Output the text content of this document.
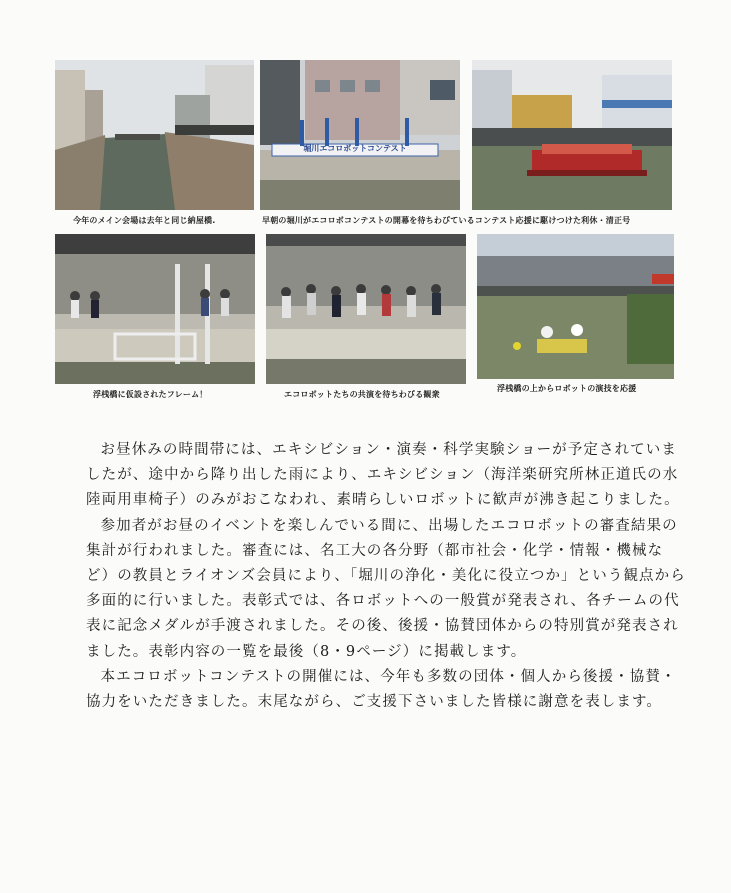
今年のメイン会場は去年と同じ納屋橋.
堀川エコロボットコンテスト
早朝の堀川がエコロボコンテストの開幕を待ちわびているコンテスト応援に駆けつけた利休・清正号
浮桟橋に仮設されたフレーム！	エコロボットたちの共演を待ちわびる観衆
浮桟橋の上からロボットの演技を応援

お昼休みの時間帯には、エキシビション・演奏・科学実験ショーが予定されていましたが、途中から降り出した雨により、エキシビション（海洋楽研究所林正道氏の水陸両用車椅子）のみがおこなわれ、素晴らしいロボットに歓声が沸き起こりました。

参加者がお昼のイベントを楽しんでいる間に、出場したエコロボットの審査結果の集計が行われました。審査には、名工大の各分野（都市社会・化学・情報・機械など）の教員とライオンズ会員により、「堀川の浄化・美化に役立つか」という観点から多面的に行いました。表彰式では、各ロボットへの一般賞が発表され、各チームの代表に記念メダルが手渡されました。その後、後援・協賛団体からの特別賞が発表されました。表彰内容の一覧を最後（8・9ページ）に掲載します。

本エコロボットコンテストの開催には、今年も多数の団体・個人から後援・協賛・協力をいただきました。末尾ながら、ご支援下さいました皆様に謝意を表します。
